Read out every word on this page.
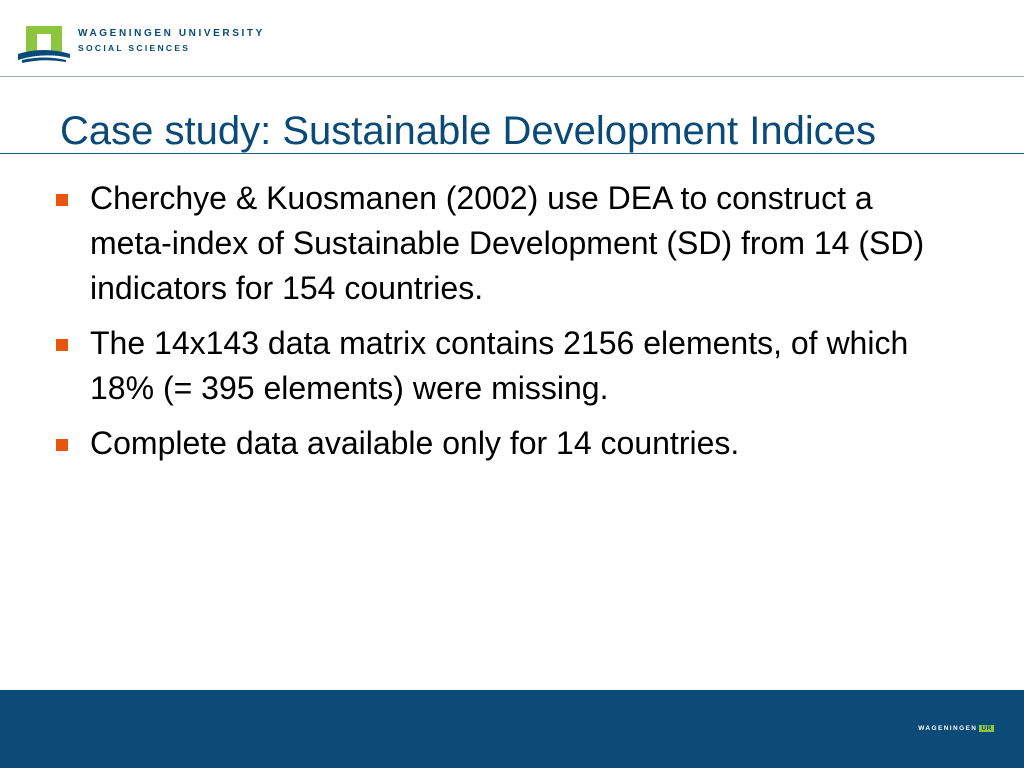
WAGENINGEN UNIVERSITY
SOCIAL SCIENCES
Case study: Sustainable Development Indices
Cherchye & Kuosmanen (2002) use DEA to construct a meta-index of Sustainable Development (SD) from 14 (SD) indicators for 154 countries.
The 14x143 data matrix contains 2156 elements, of which 18% (= 395 elements) were missing.
Complete data available only for 14 countries.
WAGENINGEN UR
